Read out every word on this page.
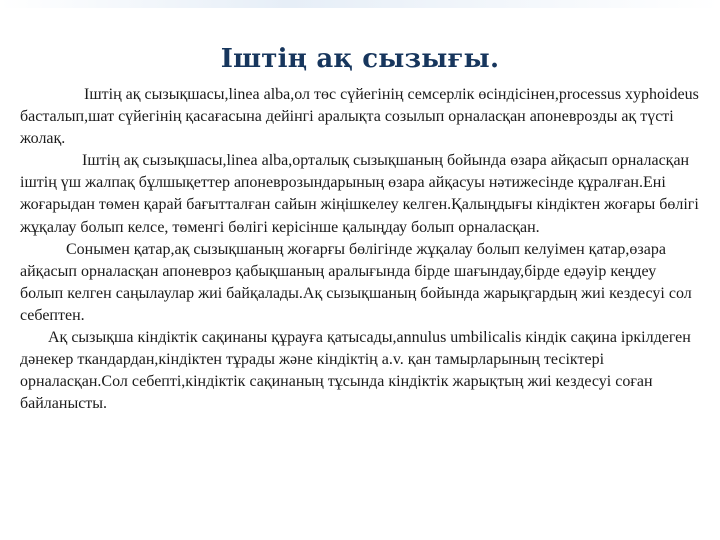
Іштің ақ сызығы.

Іштің ақ сызықшасы,linea alba,ол төс сүйегінің семсерлік өсіндісінен,processus xyphoideus басталып,шат сүйегінің қасағасына дейінгі аралықта созылып орналасқан апоневрозды ақ түсті жолақ.

Іштің ақ сызықшасы,linea alba,орталық сызықшаның бойында өзара айқасып орналасқан іштің үш жалпақ бұлшықеттер апоневрозындарының өзара айқасуы нәтижесінде құралған.Ені жоғарыдан төмен қарай бағытталған сайын жіңішкелеу келген.Қалыңдығы кіндіктен жоғары бөлігі жұқалау болып келсе, төменгі бөлігі керісінше қалыңдау болып орналасқан.

Сонымен қатар,ақ сызықшаның жоғарғы бөлігінде жұқалау болып келуімен қатар,өзара айқасып орналасқан апоневроз қабықшаның аралығында бірде шағындау,бірде едәуір кеңдеу болып келген саңылаулар жиі байқалады.Ақ сызықшаның бойында жарықгардың жиі кездесуі сол себептен.

Ақ сызықша кіндіктік сақинаны құрауға қатысады,annulus umbilicalis кіндік сақина іркілдеген дәнекер ткандардан,кіндіктен тұрады және кіндіктің a.v. қан тамырларының тесіктері орналасқан.Сол себепті,кіндіктік сақинаның тұсында кіндіктік жарықтың жиі кездесуі соған байланысты.
